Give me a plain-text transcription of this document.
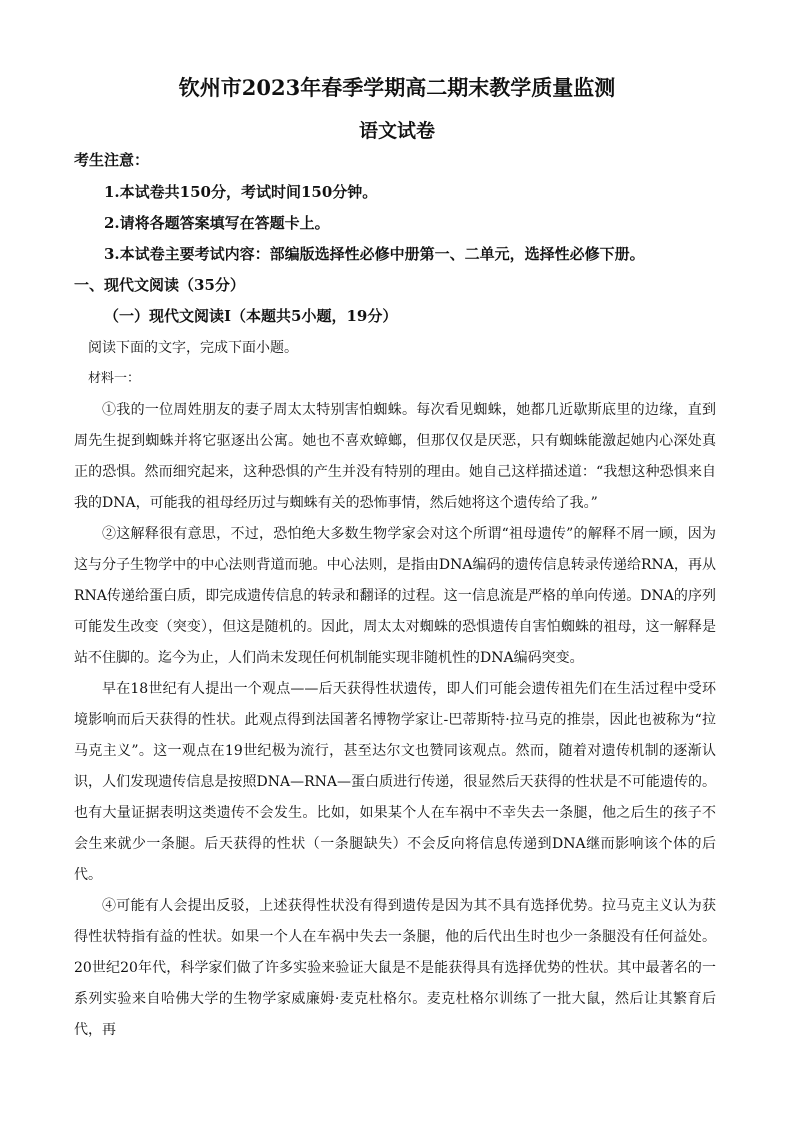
钦州市2023年春季学期高二期末教学质量监测
语文试卷
考生注意：
1.本试卷共150分，考试时间150分钟。
2.请将各题答案填写在答题卡上。
3.本试卷主要考试内容：部编版选择性必修中册第一、二单元，选择性必修下册。
一、现代文阅读（35分）
（一）现代文阅读Ⅰ（本题共5小题，19分）
阅读下面的文字，完成下面小题。
材料一：
①我的一位周姓朋友的妻子周太太特别害怕蜘蛛。每次看见蜘蛛，她都几近歇斯底里的边缘，直到周先生捉到蜘蛛并将它驱逐出公寓。她也不喜欢蟑螂，但那仅仅是厌恶，只有蜘蛛能激起她内心深处真正的恐惧。然而细究起来，这种恐惧的产生并没有特别的理由。她自己这样描述道：“我想这种恐惧来自我的DNA，可能我的祖母经历过与蜘蛛有关的恐怖事情，然后她将这个遗传给了我。”
②这解释很有意思，不过，恐怕绝大多数生物学家会对这个所谓“祖母遗传”的解释不屑一顾，因为这与分子生物学中的中心法则背道而驰。中心法则，是指由DNA编码的遗传信息转录传递给RNA，再从RNA传递给蛋白质，即完成遗传信息的转录和翻译的过程。这一信息流是严格的单向传递。DNA的序列可能发生改变（突变），但这是随机的。因此，周太太对蜘蛛的恐惧遗传自害怕蜘蛛的祖母，这一解释是站不住脚的。迄今为止，人们尚未发现任何机制能实现非随机性的DNA编码突变。
早在18世纪有人提出一个观点——后天获得性状遗传，即人们可能会遗传祖先们在生活过程中受环境影响而后天获得的性状。此观点得到法国著名博物学家让-巴蒂斯特·拉马克的推崇，因此也被称为“拉马克主义”。这一观点在19世纪极为流行，甚至达尔文也赞同该观点。然而，随着对遗传机制的逐渐认识，人们发现遗传信息是按照DNA—RNA—蛋白质进行传递，很显然后天获得的性状是不可能遗传的。也有大量证据表明这类遗传不会发生。比如，如果某个人在车祸中不幸失去一条腿，他之后生的孩子不会生来就少一条腿。后天获得的性状（一条腿缺失）不会反向将信息传递到DNA继而影响该个体的后代。
④可能有人会提出反驳，上述获得性状没有得到遗传是因为其不具有选择优势。拉马克主义认为获得性状特指有益的性状。如果一个人在车祸中失去一条腿，他的后代出生时也少一条腿没有任何益处。20世纪20年代，科学家们做了许多实验来验证大鼠是不是能获得具有选择优势的性状。其中最著名的一系列实验来自哈佛大学的生物学家威廉姆·麦克杜格尔。麦克杜格尔训练了一批大鼠，然后让其繁育后代，再
